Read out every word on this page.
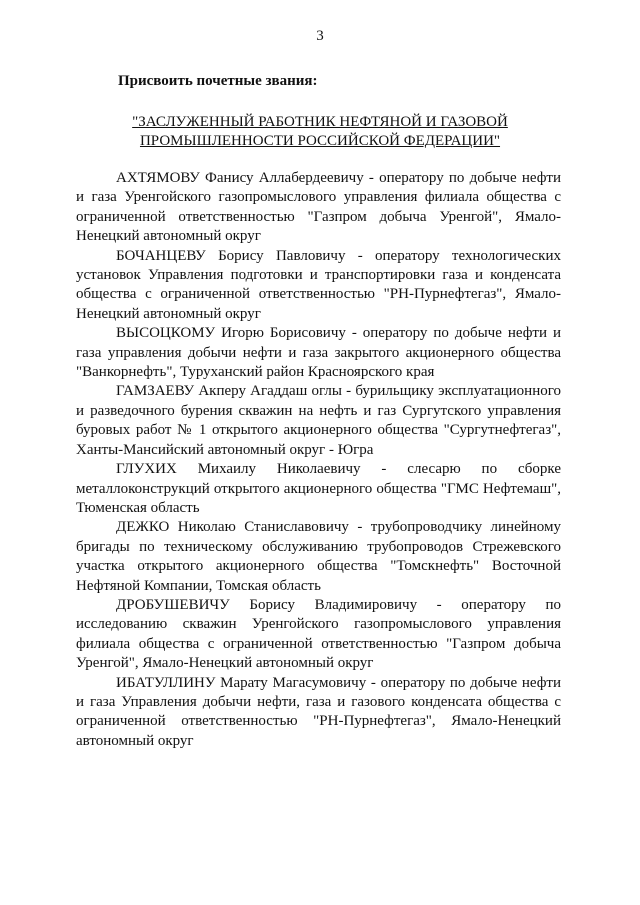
3
Присвоить почетные звания:
"ЗАСЛУЖЕННЫЙ РАБОТНИК НЕФТЯНОЙ И ГАЗОВОЙ
ПРОМЫШЛЕННОСТИ РОССИЙСКОЙ ФЕДЕРАЦИИ"

АХТЯМОВУ Фанису Аллабердеевичу - оператору по добыче нефти и газа Уренгойского газопромыслового управления филиала общества с ограниченной ответственностью "Газпром добыча Уренгой", Ямало-Ненецкий автономный округ

БОЧАНЦЕВУ Борису Павловичу - оператору технологических установок Управления подготовки и транспортировки газа и конденсата общества с ограниченной ответственностью "РН-Пурнефтегаз", Ямало-Ненецкий автономный округ

ВЫСОЦКОМУ Игорю Борисовичу - оператору по добыче нефти и газа управления добычи нефти и газа закрытого акционерного общества "Ванкорнефть", Туруханский район Красноярского края

ГАМЗАЕВУ Акперу Агаддаш оглы - бурильщику эксплуатационного и разведочного бурения скважин на нефть и газ Сургутского управления буровых работ № 1 открытого акционерного общества "Сургутнефтегаз", Ханты-Мансийский автономный округ - Югра

ГЛУХИХ Михаилу Николаевичу - слесарю по сборке металлоконструкций открытого акционерного общества "ГМС Нефтемаш", Тюменская область

ДЕЖКО Николаю Станиславовичу - трубопроводчику линейному бригады по техническому обслуживанию трубопроводов Стрежевского участка открытого акционерного общества "Томскнефть" Восточной Нефтяной Компании, Томская область

ДРОБУШЕВИЧУ Борису Владимировичу - оператору по исследованию скважин Уренгойского газопромыслового управления филиала общества с ограниченной ответственностью "Газпром добыча Уренгой", Ямало-Ненецкий автономный округ

ИБАТУЛЛИНУ Марату Магасумовичу - оператору по добыче нефти и газа Управления добычи нефти, газа и газового конденсата общества с ограниченной ответственностью "РН-Пурнефтегаз", Ямало-Ненецкий автономный округ
